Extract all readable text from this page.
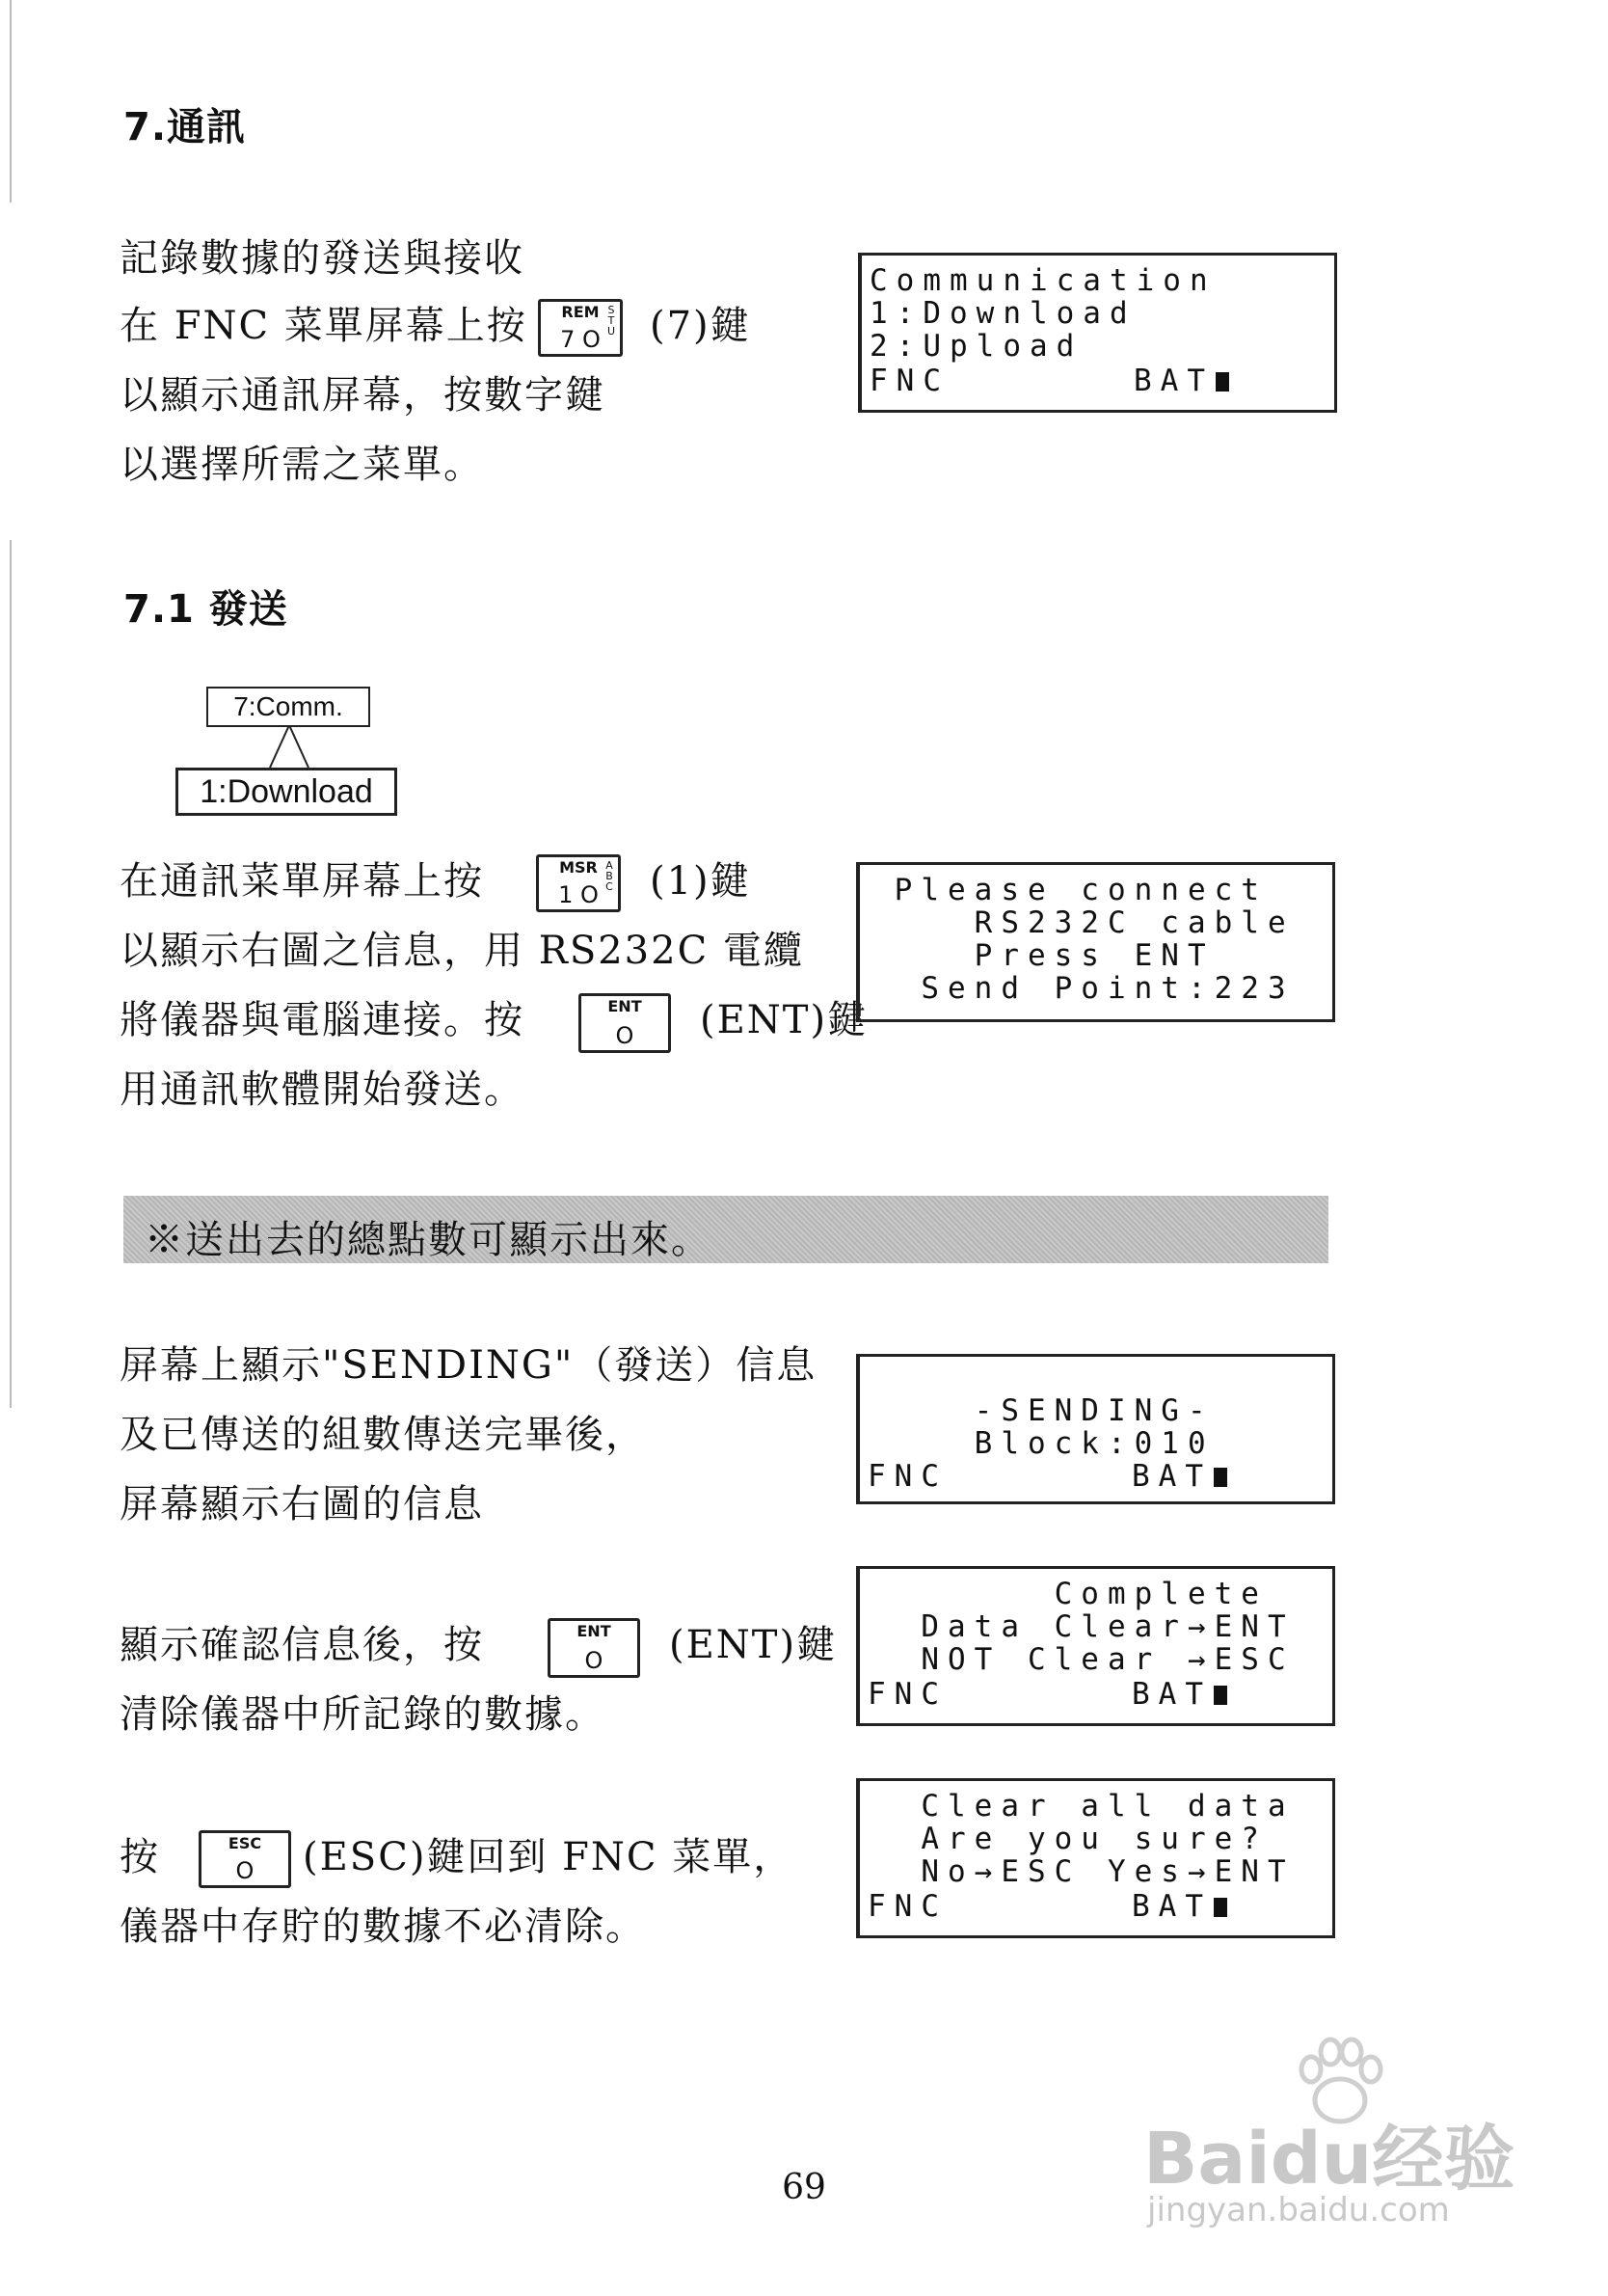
7.通訊
記錄數據的發送與接收
在 FNC 菜單屏幕上按	REM
7 O
S
T
U (7)鍵
以顯示通訊屏幕，按數字鍵
以選擇所需之菜單。

Communication

1:Download

2:Upload

FNC

	BAT

7.1 發送
7:Comm.
1:Download
在通訊菜單屏幕上按	MSR
1 O
A
B
C (1)鍵
以顯示右圖之信息，用 RS232C 電纜
將儀器與電腦連接。按	ENT
O	(ENT)鍵
用通訊軟體開始發送。

Please connect

RS232C cable

Press ENT

Send Point:223

※送出去的總點數可顯示出來。
屏幕上顯示"SENDING"（發送）信息
及已傳送的組數傳送完畢後，
屏幕顯示右圖的信息

-SENDING-

Block:010

FNC

	BAT

顯示確認信息後，按	ENT
O	(ENT)鍵
清除儀器中所記錄的數據。

Complete

Data Clear→ENT

NOT Clear →ESC

FNC

	BAT

按	ESC
O	(ESC)鍵回到 FNC 菜單，
儀器中存貯的數據不必清除。

Clear all data

Are you sure?

No→ESC Yes→ENT

FNC

	BAT

69	Baidu经验
jingyan.baidu.com
